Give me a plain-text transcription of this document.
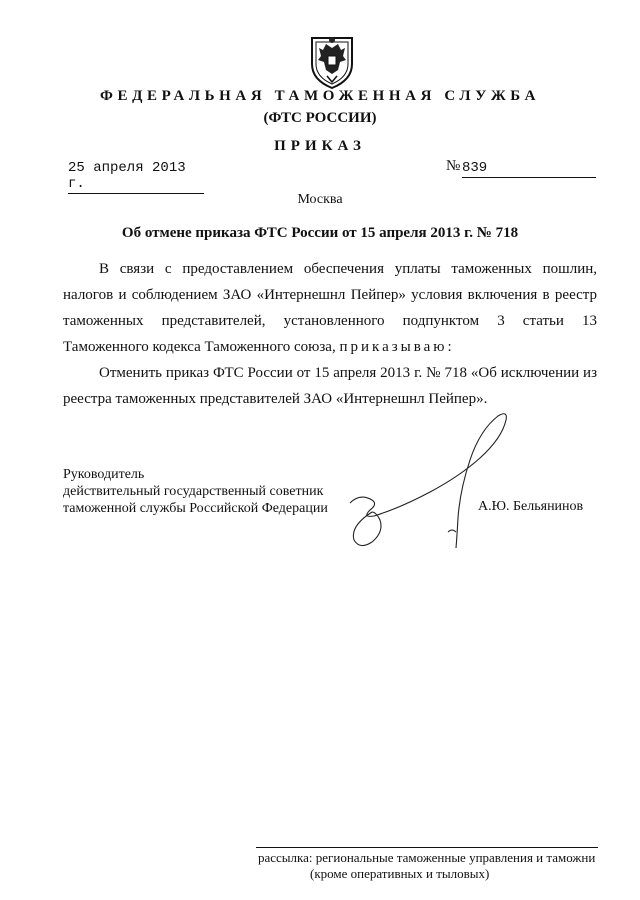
ФЕДЕРАЛЬНАЯ ТАМОЖЕННАЯ СЛУЖБА
(ФТС РОССИИ)
ПРИКАЗ
25 апреля 2013 г.
№ 839
Москва
Об отмене приказа ФТС России от 15 апреля 2013 г. № 718
В связи с предоставлением обеспечения уплаты таможенных пошлин, налогов и соблюдением ЗАО «Интернешнл Пейпер» условия включения в реестр таможенных представителей, установленного подпунктом 3 статьи 13 Таможенного кодекса Таможенного союза, приказываю:
Отменить приказ ФТС России от 15 апреля 2013 г. № 718 «Об исключении из реестра таможенных представителей ЗАО «Интернешнл Пейпер».
Руководитель
действительный государственный советник
таможенной службы Российской Федерации	А.Ю. Бельянинов
рассылка: региональные таможенные управления и таможни
(кроме оперативных и тыловых)
